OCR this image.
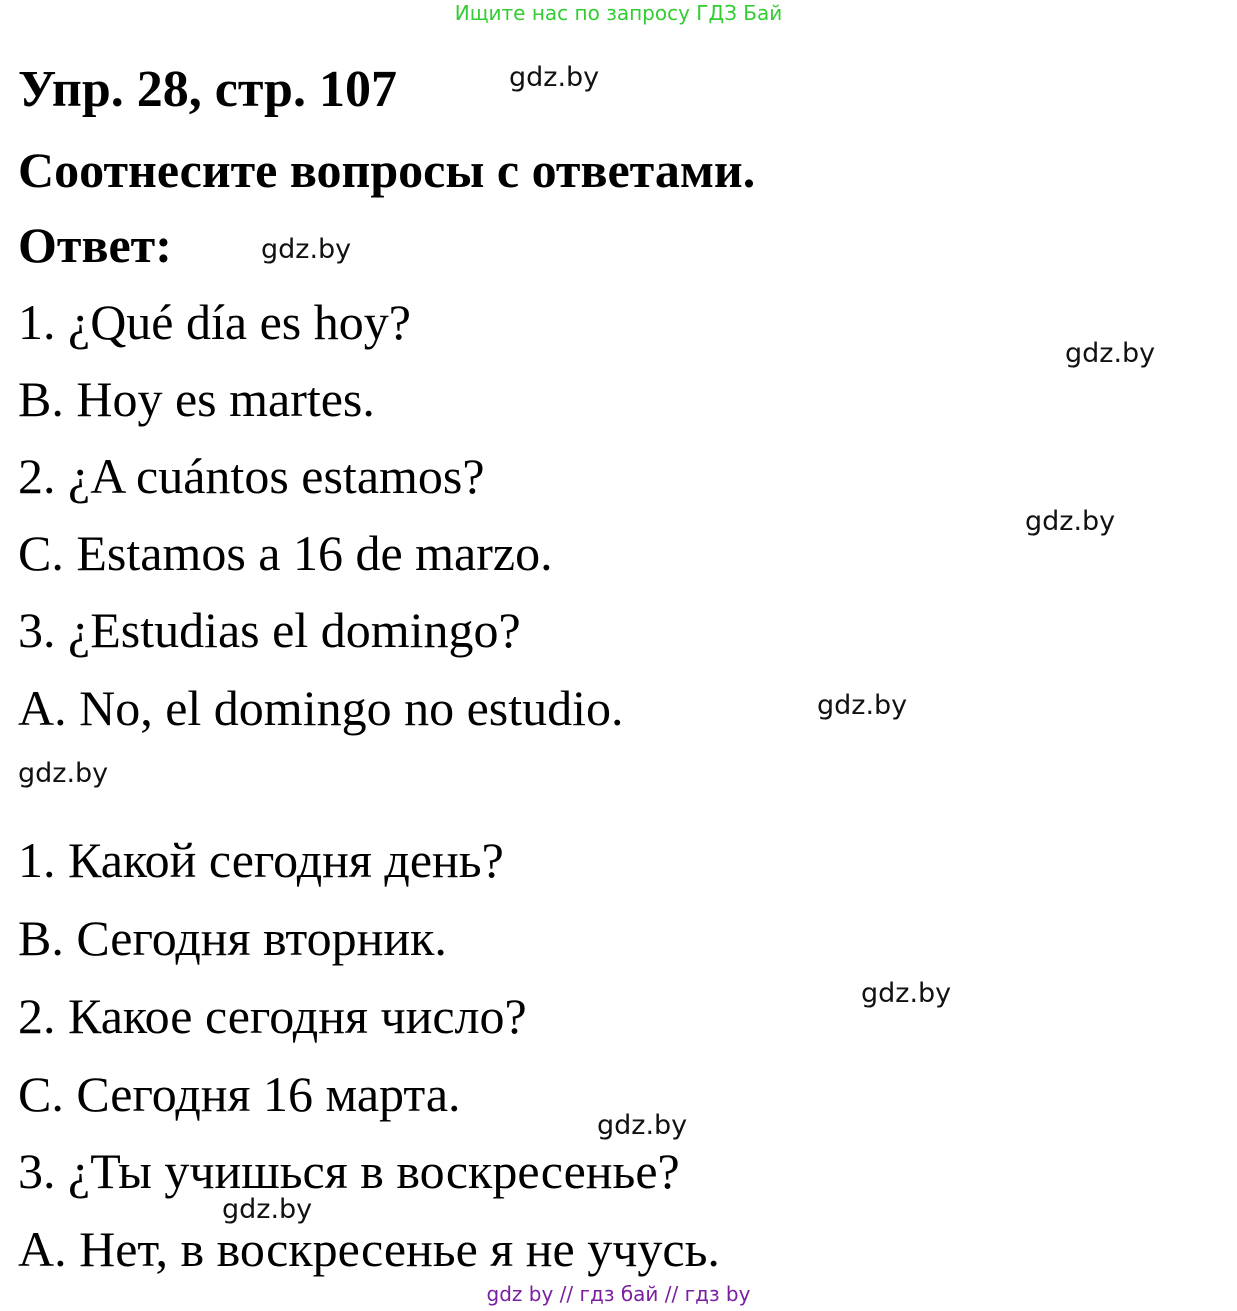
Ищите нас по запросу ГДЗ Бай
Упр. 28, стр. 107
Соотнесите вопросы с ответами.
Ответ:
1. ¿Qué día es hoy?
B. Hoy es martes.
2. ¿A cuántos estamos?
C. Estamos a 16 de marzo.
3. ¿Estudias el domingo?
A. No, el domingo no estudio.
1. Какой сегодня день?
B. Сегодня вторник.
2. Какое сегодня число?
C. Сегодня 16 марта.
3. ¿Ты учишься в воскресенье?
A. Нет, в воскресенье я не учусь.
gdz.by
gdz.by
gdz.by
gdz.by
gdz.by
gdz.by
gdz.by
gdz.by
gdz.by
gdz by // гдз бай // гдз by
